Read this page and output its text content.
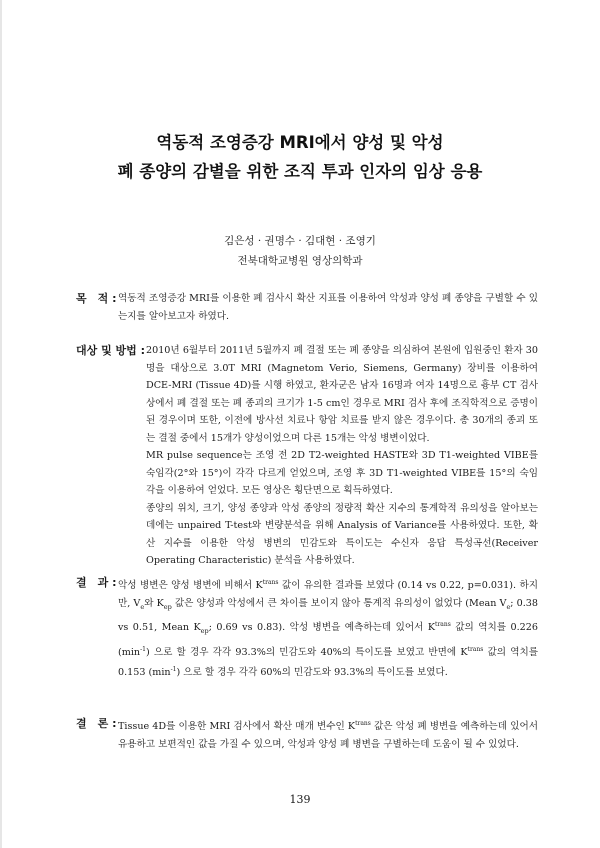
역동적 조영증강 MRI에서 양성 및 악성
폐 종양의 감별을 위한 조직 투과 인자의 임상 응용
김은성 · 권명수 · 김대현 · 조영기
전북대학교병원 영상의학과
목　적 : 역동적 조영증강 MRI를 이용한 폐 검사시 확산 지표를 이용하여 악성과 양성 폐 종양을 구별할 수 있는지를 알아보고자 하였다.

대상 및 방법 : 2010년 6월부터 2011년 5월까지 폐 결절 또는 폐 종양을 의심하여 본원에 입원중인 환자 30명을 대상으로 3.0T MRI (Magnetom Verio, Siemens, Germany) 장비를 이용하여 DCE-MRI (Tissue 4D)를 시행 하였고, 환자군은 남자 16명과 여자 14명으로 흉부 CT 검사상에서 폐 결절 또는 폐 종괴의 크기가 1-5 cm인 경우로 MRI 검사 후에 조직학적으로 증명이 된 경우이며 또한, 이전에 방사선 치료나 항암 치료를 받지 않은 경우이다. 총 30개의 종괴 또는 결절 중에서 15개가 양성이었으며 다른 15개는 악성 병변이었다.

MR pulse sequence는 조영 전 2D T2-weighted HASTE와 3D T1-weighted VIBE를 숙임각(2°와 15°)이 각각 다르게 얻었으며, 조영 후 3D T1-weighted VIBE를 15°의 숙임각을 이용하여 얻었다. 모든 영상은 횡단면으로 획득하였다.

종양의 위치, 크기, 양성 종양과 악성 종양의 정량적 확산 지수의 통계학적 유의성을 알아보는데에는 unpaired T-test와 변량분석을 위해 Analysis of Variance를 사용하였다. 또한, 확산 지수를 이용한 악성 병변의 민감도와 특이도는 수신자 응답 특성곡선(Receiver Operating Characteristic) 분석을 사용하였다.

결　과 : 악성 병변은 양성 병변에 비해서 $K^{trans}$ 값이 유의한 결과를 보였다 (0.14 vs 0.22, p=0.031). 하지만, $V_e$와 $K_{ep}$ 값은 양성과 악성에서 큰 차이를 보이지 않아 통계적 유의성이 없었다 (Mean $V_e$; 0.38 vs 0.51, Mean $K_{ep}$; 0.69 vs 0.83). 악성 병변을 예측하는데 있어서 $K^{trans}$ 값의 역치를 0.226 $(\min^{-1})$ 으로 할 경우 각각 93.3%의 민감도와 40%의 특이도를 보였고 반면에 $K^{trans}$ 값의 역치를 0.153 $(\min^{-1})$ 으로 할 경우 각각 60%의 민감도와 93.3%의 특이도를 보였다.

결　론 : Tissue 4D를 이용한 MRI 검사에서 확산 매개 변수인 $K^{trans}$ 값은 악성 폐 병변을 예측하는데 있어서 유용하고 보편적인 값을 가질 수 있으며, 악성과 양성 폐 병변을 구별하는데 도움이 될 수 있었다.

139
